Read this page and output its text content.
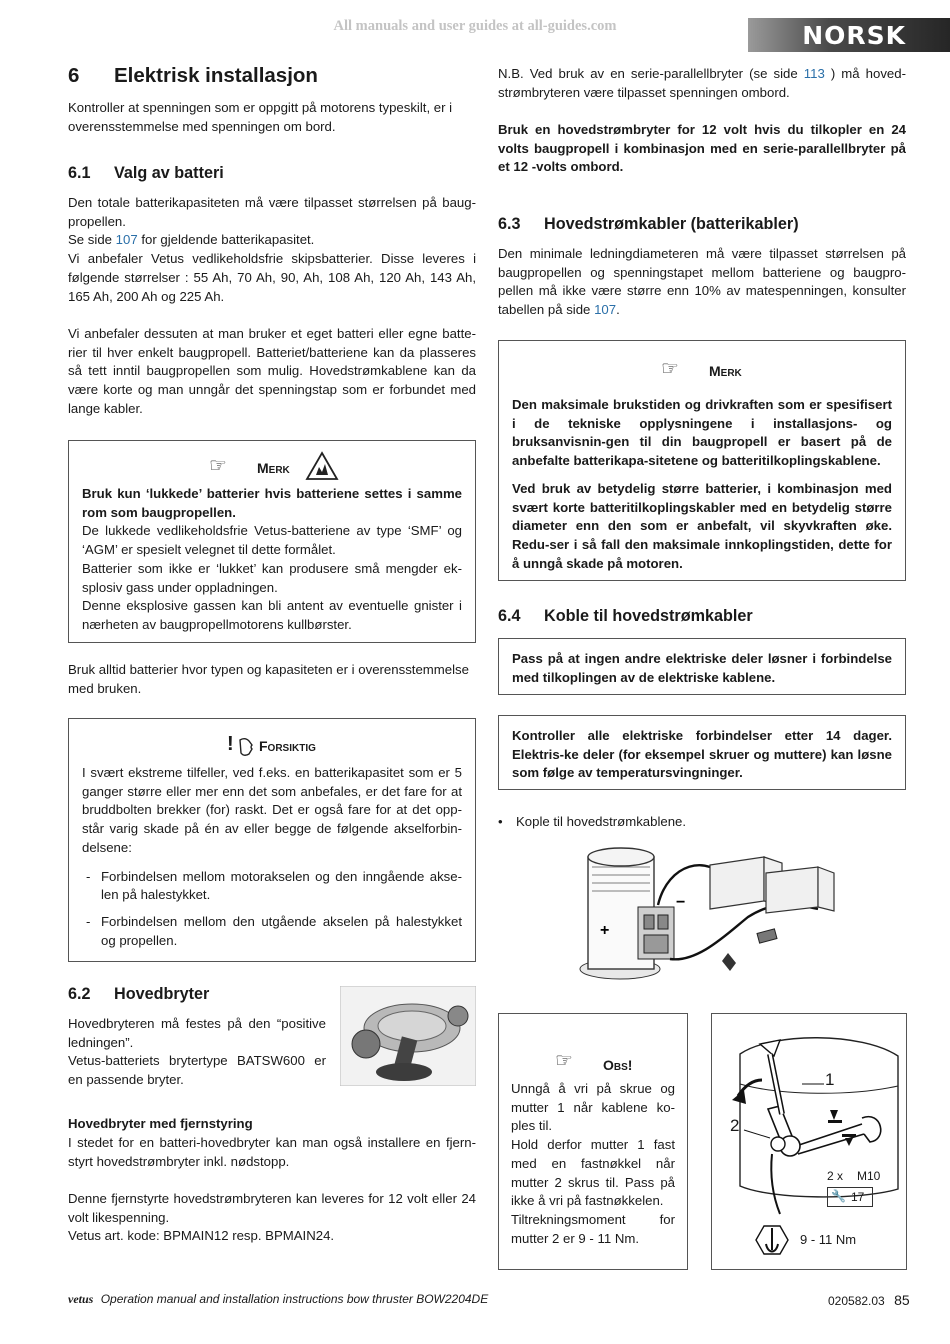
All manuals and user guides at all-guides.com	NORSK
6 Elektrisk installasjon

Kontroller at spenningen som er oppgitt på motorens typeskilt, er i overensstemmelse med spenningen om bord.

6.1 Valg av batteri

Den totale batterikapasiteten må være tilpasset størrelsen på baug-propellen.

Se side 107 for gjeldende batterikapasitet.

Vi anbefaler Vetus vedlikeholdsfrie skipsbatterier. Disse leveres i følgende størrelser : 55 Ah, 70 Ah, 90, Ah, 108 Ah, 120 Ah, 143 Ah, 165 Ah, 200 Ah og 225 Ah.

Vi anbefaler dessuten at man bruker et eget batteri eller egne batte-rier til hver enkelt baugpropell. Batteriet/batteriene kan da plasseres så tett inntil baugpropellen som mulig. Hovedstrømkablene kan da være korte og man unngår det spenningstap som er forbundet med lange kabler.

☞ Merk

Bruk kun ‘lukkede’ batterier hvis batteriene settes i samme rom som baugpropellen.

De lukkede vedlikeholdsfrie Vetus-batteriene av type ‘SMF’ og ‘AGM’ er spesielt velegnet til dette formålet.

Batterier som ikke er ‘lukket’ kan produsere små mengder ek-splosiv gass under oppladningen.

Denne eksplosive gassen kan bli antent av eventuelle gnister i nærheten av baugpropellmotorens kullbørster.

Bruk alltid batterier hvor typen og kapasiteten er i overensstemmelse med bruken.

! Forsiktig

I svært ekstreme tilfeller, ved f.eks. en batterikapasitet som er 5 ganger større eller mer enn det som anbefales, er det fare for at bruddbolten brekker (for) raskt. Det er også fare for at det opp-står varig skade på én av eller begge de følgende akselforbin-delsene:

- Forbindelsen mellom motorakselen og den inngående aksе-len på halestykket.
- Forbindelsen mellom den utgående akselen på halestykket og propellen.
6.2 Hovedbryter

Hovedbryteren må festes på den “positive ledningen”.

Vetus-batteriets brytertype BATSW600 er en passende bryter.

Hovedbryter med fjernstyring

I stedet for en batteri-hovedbryter kan man også installere en fjern-styrt hovedstrømbryter inkl. nødstopp.

Denne fjernstyrte hovedstrømbryteren kan leveres for 12 volt eller 24 volt likespenning.

Vetus art. kode: BPMAIN12 resp. BPMAIN24.

N.B. Ved bruk av en serie-parallellbryter (se side 113 ) må hoved-strømbryteren være tilpasset spenningen ombord.

Bruk en hovedstrømbryter for 12 volt hvis du tilkopler en 24 volts baugpropell i kombinasjon med en serie-parallellbryter på et 12 -volts ombord.

6.3 Hovedstrømkabler (batterikabler)

Den minimale ledningdiameteren må være tilpasset størrelsen på baugpropellen og spenningstapet mellom batteriene og baugpro-pellen må ikke være større enn 10% av matespenningen, konsulter tabellen på side 107.

☞ Merk

Den maksimale brukstiden og drivkraften som er spesifisert i de tekniske opplysningene i installasjons- og bruksanvisnin-gen til din baugpropell er basert på de anbefalte batterikapa-sitetene og batteritilkoplingskablene.

Ved bruk av betydelig større batterier, i kombinasjon med svært korte batteritilkoplingskabler med en betydelig større diameter enn den som er anbefalt, vil skyvkraften øke. Redu-ser i så fall den maksimale innkoplingstiden, dette for å unngå skade på motoren.

6.4 Koble til hovedstrømkabler

Pass på at ingen andre elektriske deler løsner i forbindelse med tilkoplingen av de elektriske kablene.

Kontroller alle elektriske forbindelser etter 14 dager. Elektris-ke deler (for eksempel skruer og muttere) kan løsne som følge av temperatursvingninger.

• Kople til hovedstrømkablene.
+
−
☞ Obs!

Unngå å vri på skrue og mutter 1 når kablene ko-ples til.
Hold derfor mutter 1 fast med en fastnøkkel når mutter 2 skrus til. Pass på ikke å vri på fastnøkkelen.
Tiltrekningsmoment for mutter 2 er 9 - 11 Nm.

1
2
2 x M10
🔧 17
9 - 11 Nm
vetus Operation manual and installation instructions bow thruster BOW2204DE	020582.03 85
